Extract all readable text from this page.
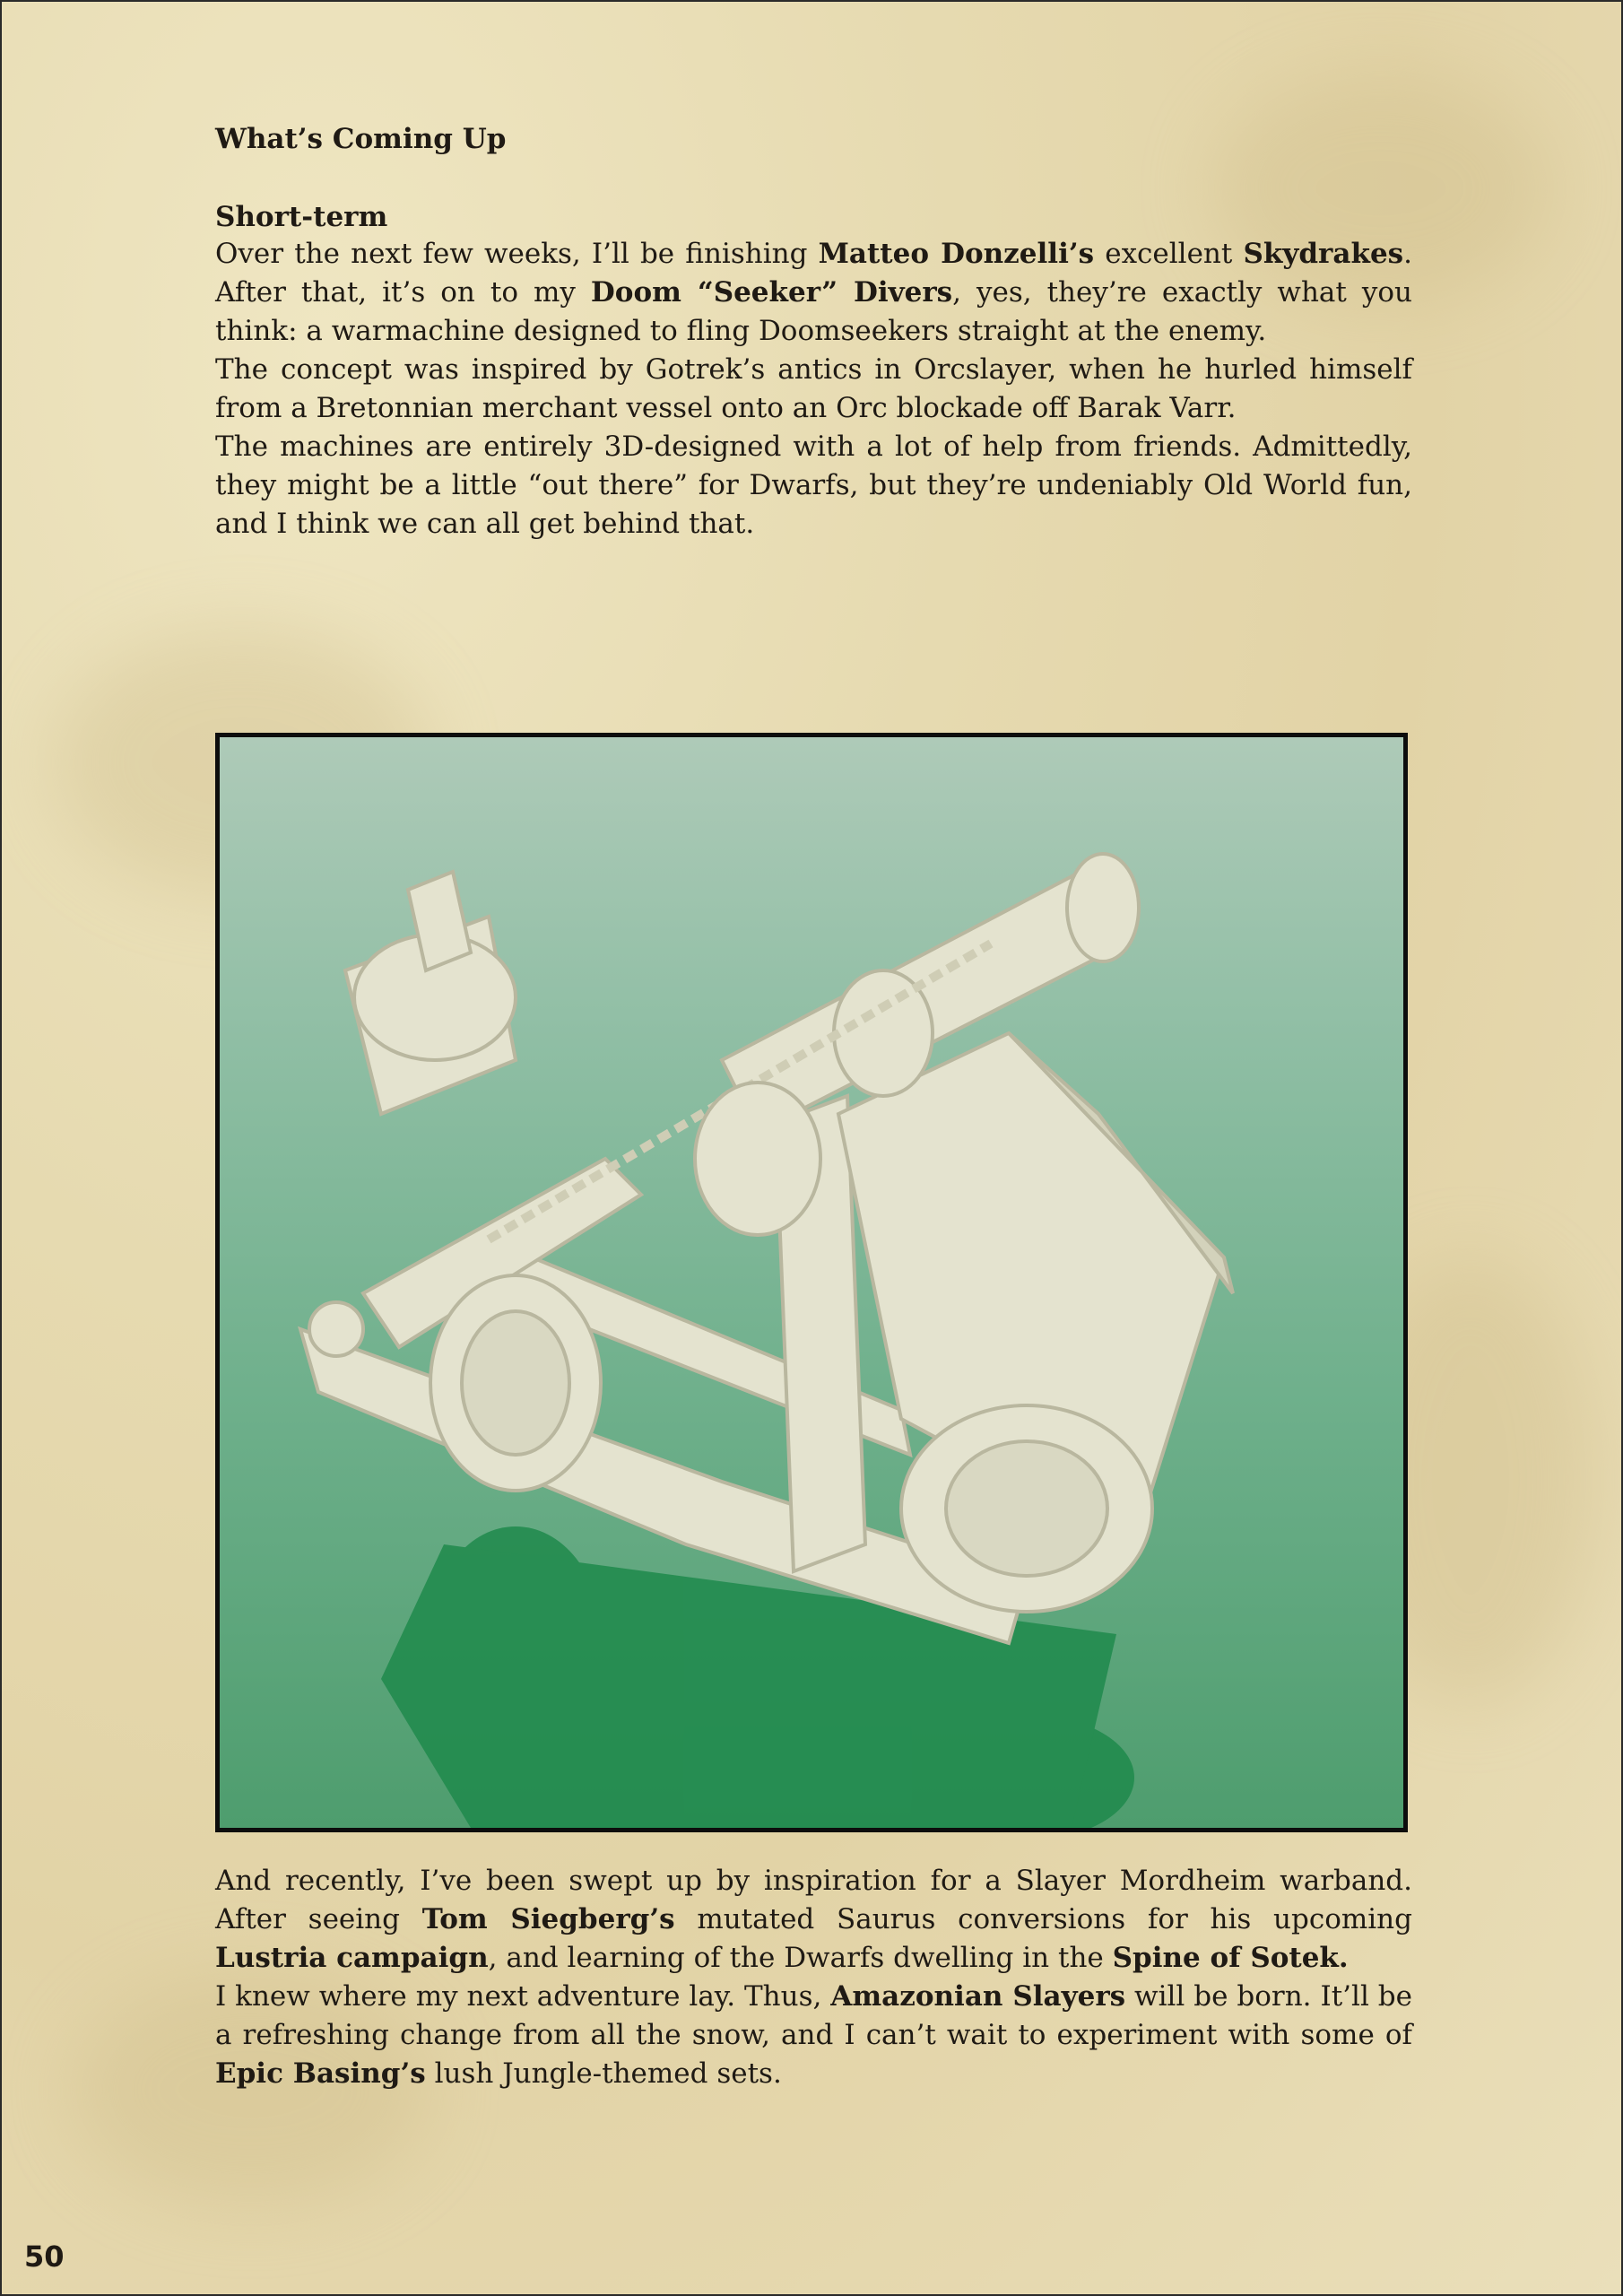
What’s Coming Up
Short-term

Over the next few weeks, I’ll be finishing Matteo Donzelli’s excellent Skydrakes. After that, it’s on to my Doom “Seeker” Divers, yes, they’re exactly what you think: a warmachine designed to fling Doomseekers straight at the enemy.

The concept was inspired by Gotrek’s antics in Orcslayer, when he hurled himself from a Bretonnian merchant vessel onto an Orc blockade off Barak Varr.

The machines are entirely 3D-designed with a lot of help from friends. Admittedly, they might be a little “out there” for Dwarfs, but they’re undeniably Old World fun, and I think we can all get behind that.

And recently, I’ve been swept up by inspiration for a Slayer Mordheim warband. After seeing Tom Siegberg’s mutated Saurus conversions for his upcoming Lustria campaign, and learning of the Dwarfs dwelling in the Spine of Sotek.

I knew where my next adventure lay. Thus, Amazonian Slayers will be born. It’ll be a refreshing change from all the snow, and I can’t wait to experiment with some of Epic Basing’s lush Jungle-themed sets.

50
